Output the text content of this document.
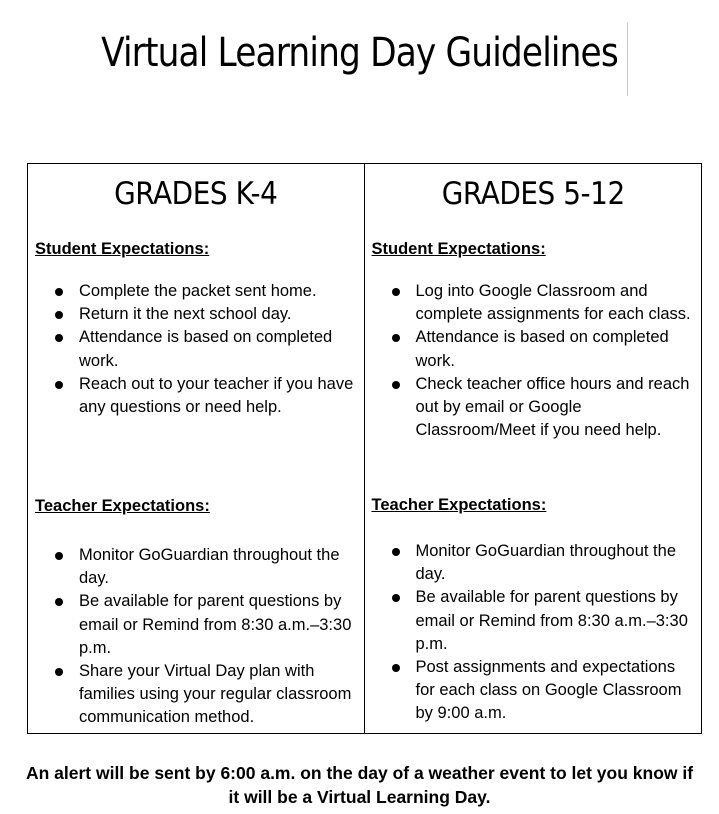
Virtual Learning Day Guidelines
GRADES K-4
Student Expectations:
Complete the packet sent home.
Return it the next school day.
Attendance is based on completed work.
Reach out to your teacher if you have any questions or need help.
Teacher Expectations:
Monitor GoGuardian throughout the day.
Be available for parent questions by email or Remind from 8:30 a.m.–3:30 p.m.
Share your Virtual Day plan with families using your regular classroom communication method.
GRADES 5-12
Student Expectations:
Log into Google Classroom and complete assignments for each class.
Attendance is based on completed work.
Check teacher office hours and reach out by email or Google Classroom/Meet if you need help.
Teacher Expectations:
Monitor GoGuardian throughout the day.
Be available for parent questions by email or Remind from 8:30 a.m.–3:30 p.m.
Post assignments and expectations for each class on Google Classroom by 9:00 a.m.
An alert will be sent by 6:00 a.m. on the day of a weather event to let you know if it will be a Virtual Learning Day.
